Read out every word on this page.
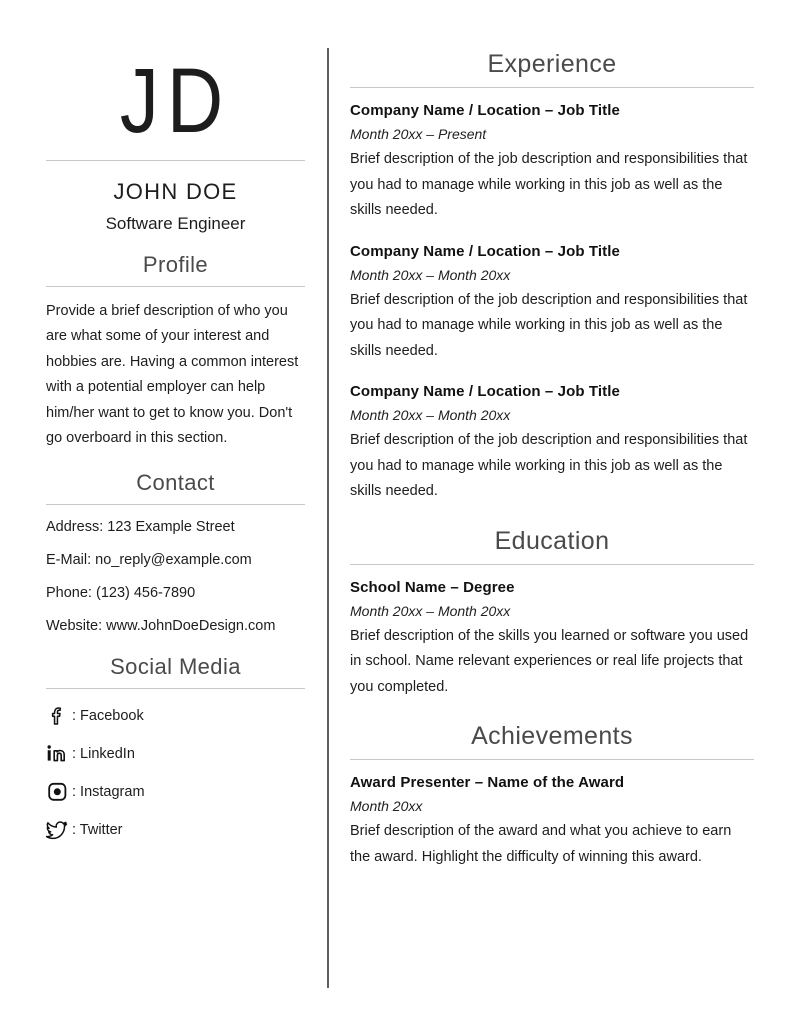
JD
JOHN DOE
Software Engineer
Profile
Provide a brief description of who you are what some of your interest and hobbies are. Having a common interest with a potential employer can help him/her want to get to know you. Don't go overboard in this section.
Contact
Address: 123 Example Street
E-Mail: no_reply@example.com
Phone: (123) 456-7890
Website: www.JohnDoeDesign.com
Social Media
: Facebook
: LinkedIn
: Instagram
: Twitter
Experience
Company Name / Location – Job Title
Month 20xx – Present
Brief description of the job description and responsibilities that you had to manage while working in this job as well as the skills needed.
Company Name / Location – Job Title
Month 20xx – Month 20xx
Brief description of the job description and responsibilities that you had to manage while working in this job as well as the skills needed.
Company Name / Location – Job Title
Month 20xx – Month 20xx
Brief description of the job description and responsibilities that you had to manage while working in this job as well as the skills needed.
Education
School Name – Degree
Month 20xx – Month 20xx
Brief description of the skills you learned or software you used in school. Name relevant experiences or real life projects that you completed.
Achievements
Award Presenter – Name of the Award
Month 20xx
Brief description of the award and what you achieve to earn the award. Highlight the difficulty of winning this award.
